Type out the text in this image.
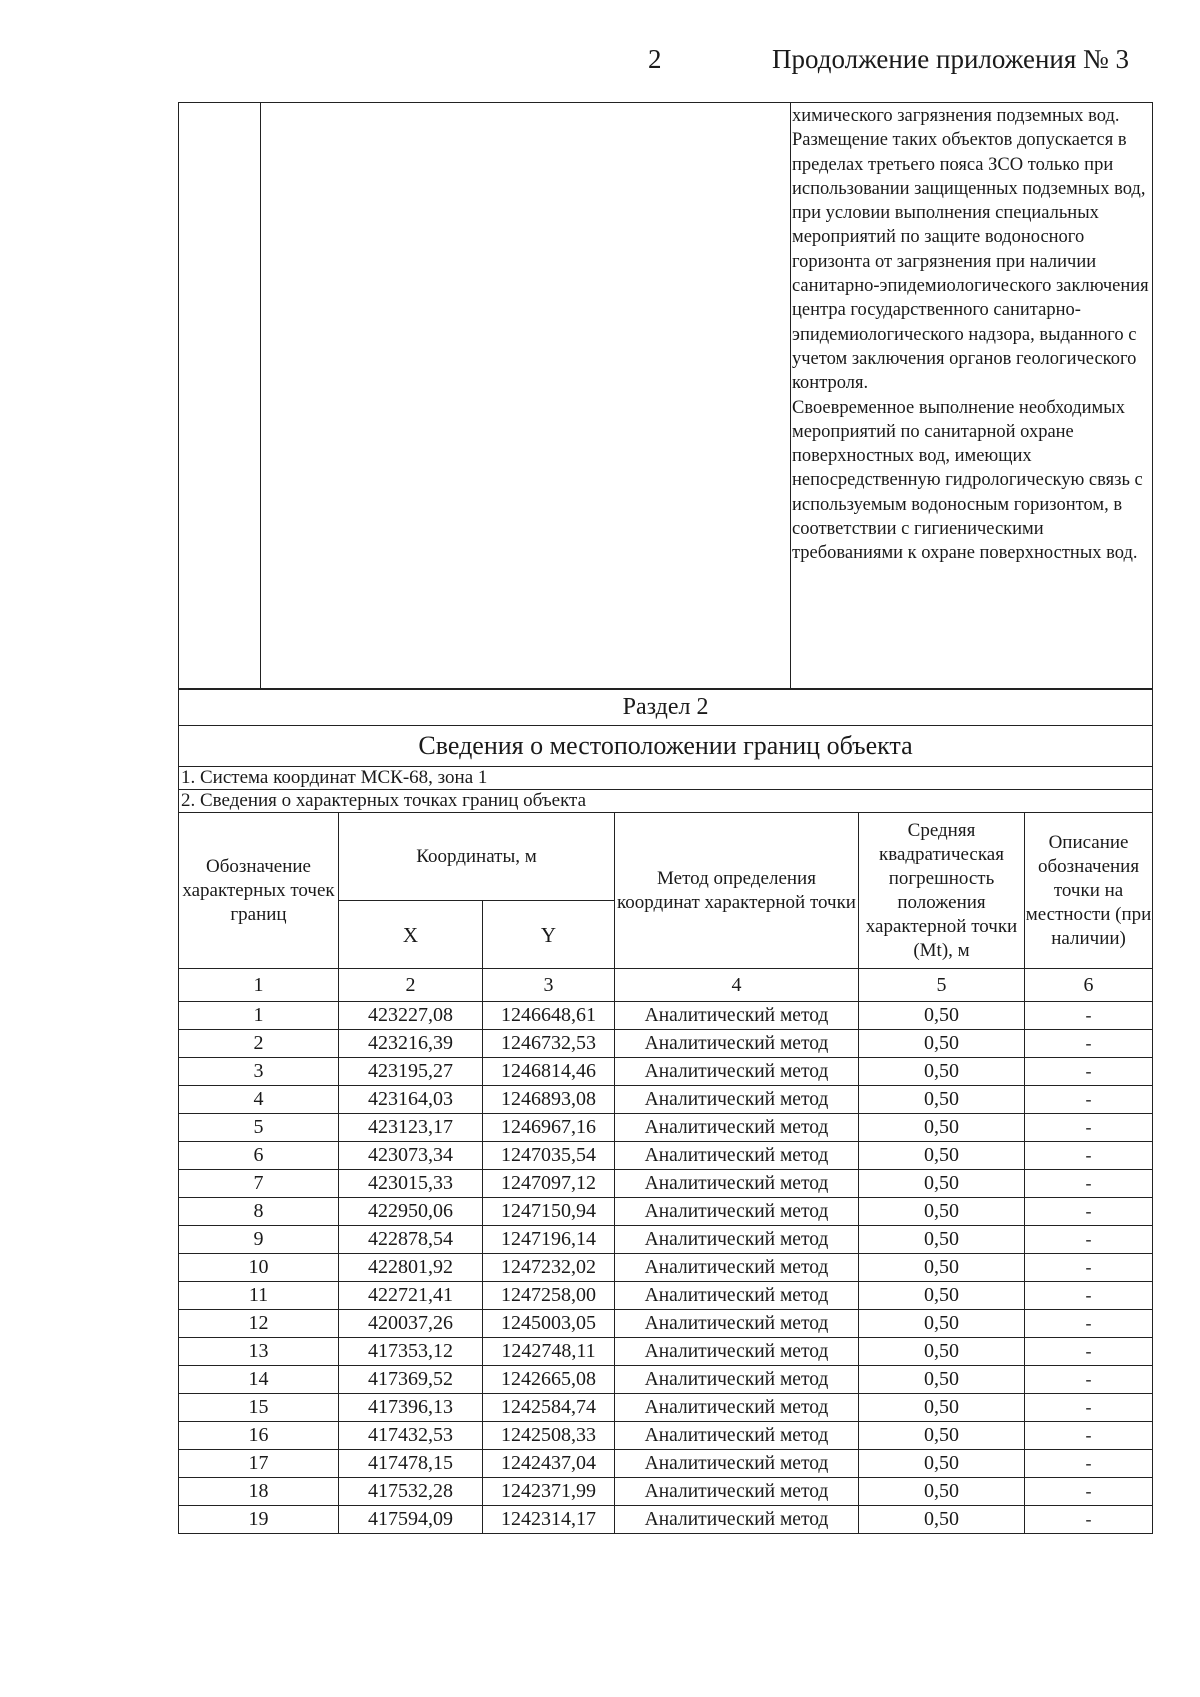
2	Продолжение приложения № 3

химического загрязнения подземных вод.

Размещение таких объектов допускается в пределах третьего пояса ЗСО только при использовании защищенных подземных вод, при условии выполнения специальных мероприятий по защите водоносного горизонта от загрязнения при наличии санитарно-эпидемиологического заключения центра государственного санитарно-эпидемиологического надзора, выданного с учетом заключения органов геологического контроля.

Своевременное выполнение необходимых мероприятий по санитарной охране поверхностных вод, имеющих непосредственную гидрологическую связь с используемым водоносным горизонтом, в соответствии с гигиеническими требованиями к охране поверхностных вод.

Раздел 2					
Сведения о местоположении границ объекта					
1. Система координат МСК-68, зона 1					
2. Сведения о характерных точках границ объекта					
Обозначение характерных точек границ	Координаты, м		Метод определения координат характерной точки	Средняя квадратическая погрешность положения характерной точки (Mt), м	Описание обозначения точки на местности (при наличии)
	X	Y			
1	2	3	4	5	6
1	423227,08	1246648,61	Аналитический метод	0,50	-
2	423216,39	1246732,53	Аналитический метод	0,50	-
3	423195,27	1246814,46	Аналитический метод	0,50	-
4	423164,03	1246893,08	Аналитический метод	0,50	-
5	423123,17	1246967,16	Аналитический метод	0,50	-
6	423073,34	1247035,54	Аналитический метод	0,50	-
7	423015,33	1247097,12	Аналитический метод	0,50	-
8	422950,06	1247150,94	Аналитический метод	0,50	-
9	422878,54	1247196,14	Аналитический метод	0,50	-
10	422801,92	1247232,02	Аналитический метод	0,50	-
11	422721,41	1247258,00	Аналитический метод	0,50	-
12	420037,26	1245003,05	Аналитический метод	0,50	-
13	417353,12	1242748,11	Аналитический метод	0,50	-
14	417369,52	1242665,08	Аналитический метод	0,50	-
15	417396,13	1242584,74	Аналитический метод	0,50	-
16	417432,53	1242508,33	Аналитический метод	0,50	-
17	417478,15	1242437,04	Аналитический метод	0,50	-
18	417532,28	1242371,99	Аналитический метод	0,50	-
19	417594,09	1242314,17	Аналитический метод	0,50	-
